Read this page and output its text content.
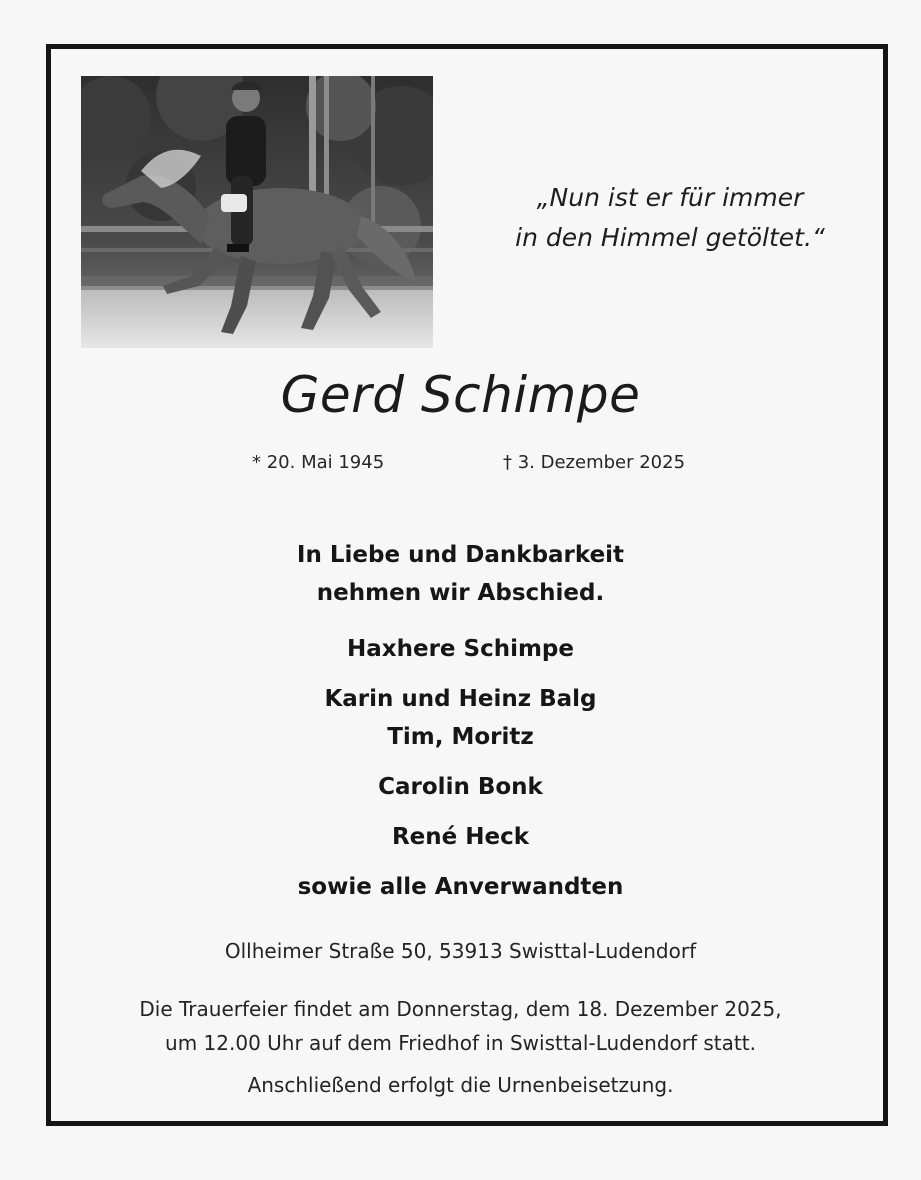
„Nun ist er für immer
in den Himmel getöltet.“
Gerd Schimpe
* 20. Mai 1945	† 3. Dezember 2025
In Liebe und Dankbarkeit
nehmen wir Abschied.
Haxhere Schimpe
Karin und Heinz Balg
Tim, Moritz
Carolin Bonk
René Heck
sowie alle Anverwandten
Ollheimer Straße 50, 53913 Swisttal-Ludendorf
Die Trauerfeier findet am Donnerstag, dem 18. Dezember 2025,
um 12.00 Uhr auf dem Friedhof in Swisttal-Ludendorf statt.
Anschließend erfolgt die Urnenbeisetzung.
